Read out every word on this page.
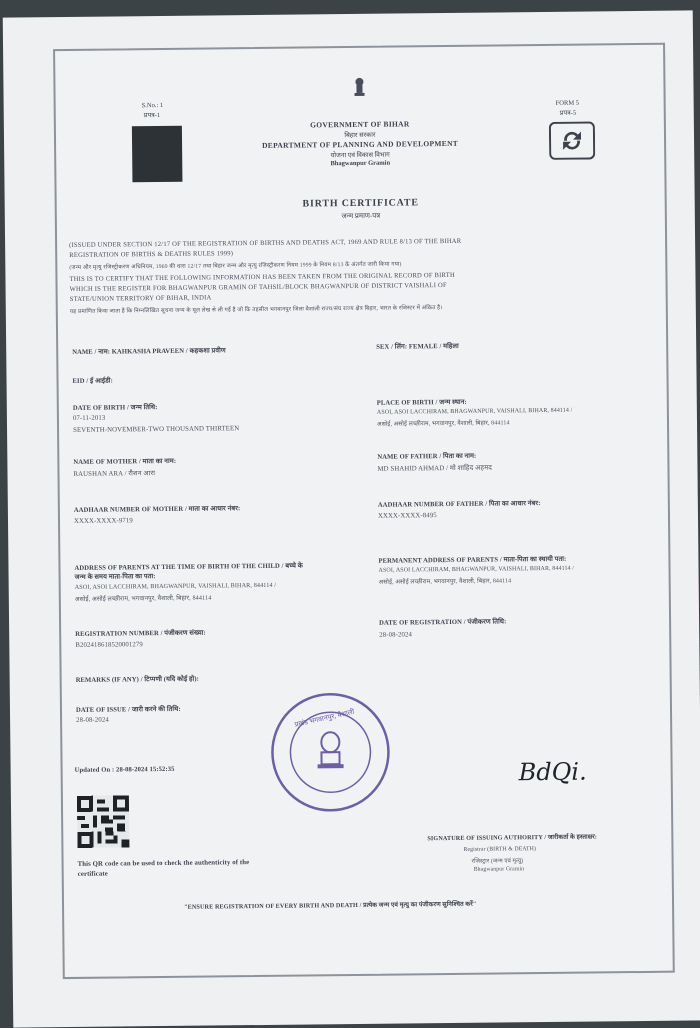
S.No.: 1
प्रपत्र-1
GOVERNMENT OF BIHAR
बिहार सरकार
DEPARTMENT OF PLANNING AND DEVELOPMENT
योजना एवं विकास विभाग
Bhagwanpur Gramin
FORM 5
प्रपत्र-5
BIRTH CERTIFICATE
जन्म प्रमाण-पत्र
(ISSUED UNDER SECTION 12/17 OF THE REGISTRATION OF BIRTHS AND DEATHS ACT, 1969 AND RULE 8/13 OF THE BIHAR
REGISTRATION OF BIRTHS & DEATHS RULES 1999)
(जन्म और मृत्यु रजिस्ट्रीकरण अधिनियम, 1969 की धारा 12/17 तथा बिहार जन्म और मृत्यु रजिस्ट्रीकरण नियम 1999 के नियम 8/13 के अंतर्गत जारी किया गया)
THIS IS TO CERTIFY THAT THE FOLLOWING INFORMATION HAS BEEN TAKEN FROM THE ORIGINAL RECORD OF BIRTH
WHICH IS THE REGISTER FOR BHAGWANPUR GRAMIN OF TAHSIL/BLOCK BHAGWANPUR OF DISTRICT VAISHALI OF
STATE/UNION TERRITORY OF BIHAR, INDIA
यह प्रमाणित किया जाता है कि निम्नलिखित सूचना जन्म के मूल लेख से ली गई है जो कि तहसील भगवानपुर जिला वैशाली राज्य/संघ राज्य क्षेत्र बिहार, भारत के रजिस्टर में अंकित है।
NAME / नाम: KAHKASHA PRAVEEN / कहकशा प्रवीण
SEX / लिंग: FEMALE / महिला
EID / ई आईडी:
DATE OF BIRTH / जन्म तिथि:
07-11-2013
SEVENTH-NOVEMBER-TWO THOUSAND THIRTEEN
PLACE OF BIRTH / जन्म स्थान:
ASOI, ASOI LACCHIRAM, BHAGWANPUR, VAISHALI, BIHAR, 844114 /
असोई, असोई लच्छीराम, भगवानपुर, वैशाली, बिहार, 844114
NAME OF MOTHER / माता का नाम:
RAUSHAN ARA / रौशन आरा
NAME OF FATHER / पिता का नाम:
MD SHAHID AHMAD / मो शाहिद अहमद
AADHAAR NUMBER OF MOTHER / माता का आधार नंबर:
XXXX-XXXX-9719
AADHAAR NUMBER OF FATHER / पिता का आधार नंबर:
XXXX-XXXX-8495
ADDRESS OF PARENTS AT THE TIME OF BIRTH OF THE CHILD / बच्चे के
जन्म के समय माता-पिता का पता:
ASOI, ASOI LACCHIRAM, BHAGWANPUR, VAISHALI, BIHAR, 844114 /
असोई, असोई लच्छीराम, भगवानपुर, वैशाली, बिहार, 844114
PERMANENT ADDRESS OF PARENTS / माता-पिता का स्थायी पता:
ASOI, ASOI LACCHIRAM, BHAGWANPUR, VAISHALI, BIHAR, 844114 /
असोई, असोई लच्छीराम, भगवानपुर, वैशाली, बिहार, 844114
REGISTRATION NUMBER / पंजीकरण संख्या:
B202418618520001279
DATE OF REGISTRATION / पंजीकरण तिथि:
28-08-2024
REMARKS (IF ANY) / टिप्पणी (यदि कोई हो):
DATE OF ISSUE / जारी करने की तिथि:
28-08-2024
Updated On : 28-08-2024 15:52:35
प्रखंड भगवानपुर, वैशाली
BdQi.
This QR code can be used to check the authenticity of the
certificate
SIGNATURE OF ISSUING AUTHORITY / जारीकर्ता के हस्ताक्षर:
Registrar (BIRTH & DEATH)
रजिस्ट्रार (जन्म एवं मृत्यु)
Bhagwanpur Gramin
"ENSURE REGISTRATION OF EVERY BIRTH AND DEATH / प्रत्येक जन्म एवं मृत्यु का पंजीकरण सुनिश्चित करें"
